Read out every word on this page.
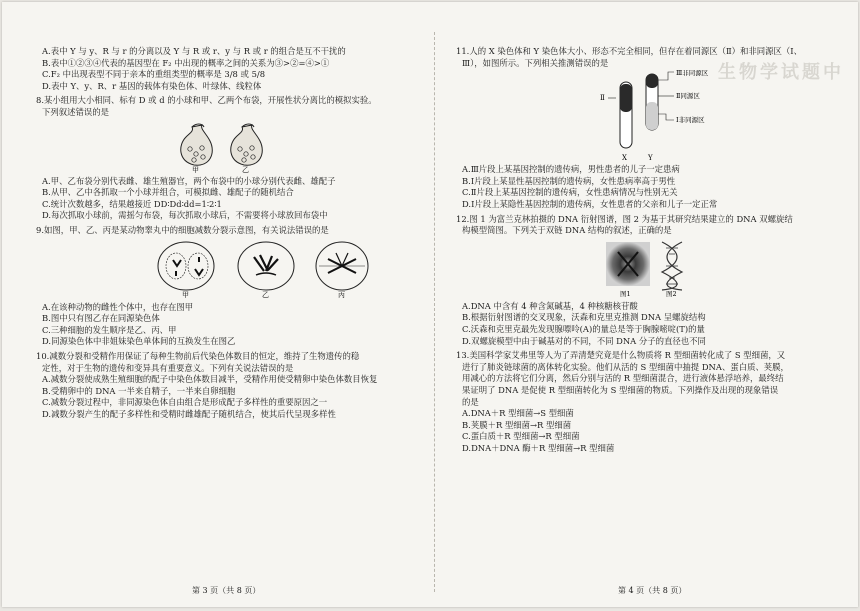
生物学试题中
A.表中 Y 与 y、R 与 r 的分离以及 Y 与 R 或 r、y 与 R 或 r 的组合是互不干扰的
B.表中①②③④代表的基因型在 F₂ 中出现的概率之间的关系为③>②=④>①
C.F₂ 中出现表型不同于亲本的重组类型的概率是 3/8 或 5/8
D.表中 Y、y、R、r 基因的载体有染色体、叶绿体、线粒体
8.某小组用大小相同、标有 D 或 d 的小球和甲、乙两个布袋，开展性状分离比的模拟实验。
下列叙述错误的是
甲	乙
A.甲、乙布袋分别代表雌、雄生殖器官，两个布袋中的小球分别代表雌、雄配子
B.从甲、乙中各抓取一个小球并组合，可模拟雌、雄配子的随机结合
C.统计次数越多，结果越接近 DD∶Dd∶dd=1∶2∶1
D.每次抓取小球前，需摇匀布袋，每次抓取小球后，不需要将小球放回布袋中
9.如图，甲、乙、丙是某动物睾丸中的细胞减数分裂示意图，有关说法错误的是
甲	乙	丙
A.在该种动物的雌性个体中，也存在图甲
B.图中只有图乙存在同源染色体
C.三种细胞的发生顺序是乙、丙、甲
D.同源染色体中非姐妹染色单体间的互换发生在图乙
10.减数分裂和受精作用保证了每种生物前后代染色体数目的恒定，维持了生物遗传的稳
定性，对于生物的遗传和变异具有重要意义。下列有关说法错误的是
A.减数分裂使成熟生殖细胞的配子中染色体数目减半，受精作用使受精卵中染色体数目恢复
B.受精卵中的 DNA 一半来自精子，一半来自卵细胞
C.减数分裂过程中，非同源染色体自由组合是形成配子多样性的重要原因之一
D.减数分裂产生的配子多样性和受精时雌雄配子随机结合，使其后代呈现多样性
第 3 页（共 8 页）
11.人的 X 染色体和 Y 染色体大小、形态不完全相同，但存在着同源区（Ⅱ）和非同源区（Ⅰ、
Ⅲ），如图所示。下列相关推测错误的是
Ⅲ非同源区
Ⅱ同源区
Ⅰ非同源区
Ⅱ
X	Y
A.Ⅲ片段上某基因控制的遗传病，男性患者的儿子一定患病
B.Ⅰ片段上某显性基因控制的遗传病，女性患病率高于男性
C.Ⅱ片段上某基因控制的遗传病，女性患病情况与性别无关
D.Ⅰ片段上某隐性基因控制的遗传病，女性患者的父亲和儿子一定正常
12.图 1 为富兰克林拍摄的 DNA 衍射图谱，图 2 为基于其研究结果建立的 DNA 双螺旋结
构模型简图。下列关于双链 DNA 结构的叙述，正确的是
图1	图2
A.DNA 中含有 4 种含氮碱基，4 种核糖核苷酸
B.根据衍射图谱的交叉现象，沃森和克里克推测 DNA 呈螺旋结构
C.沃森和克里克最先发现腺嘌呤(A)的量总是等于胸腺嘧啶(T)的量
D.双螺旋模型中由于碱基对的不同，不同 DNA 分子的直径也不同
13.美国科学家艾弗里等人为了弄清楚究竟是什么物质将 R 型细菌转化成了 S 型细菌，又
进行了肺炎链球菌的离体转化实验。他们从活的 S 型细菌中抽提 DNA、蛋白质、荚膜，
用减心的方法将它们分离，然后分别与活的 R 型细菌混合，进行液体悬浮培养，最终结
果证明了 DNA 是促使 R 型细菌转化为 S 型细菌的物质。下列操作及出现的现象错误
的是
A.DNA＋R 型细菌→S 型细菌
B.荚膜＋R 型细菌→R 型细菌
C.蛋白质＋R 型细菌→R 型细菌
D.DNA＋DNA 酶＋R 型细菌→R 型细菌
第 4 页（共 8 页）
